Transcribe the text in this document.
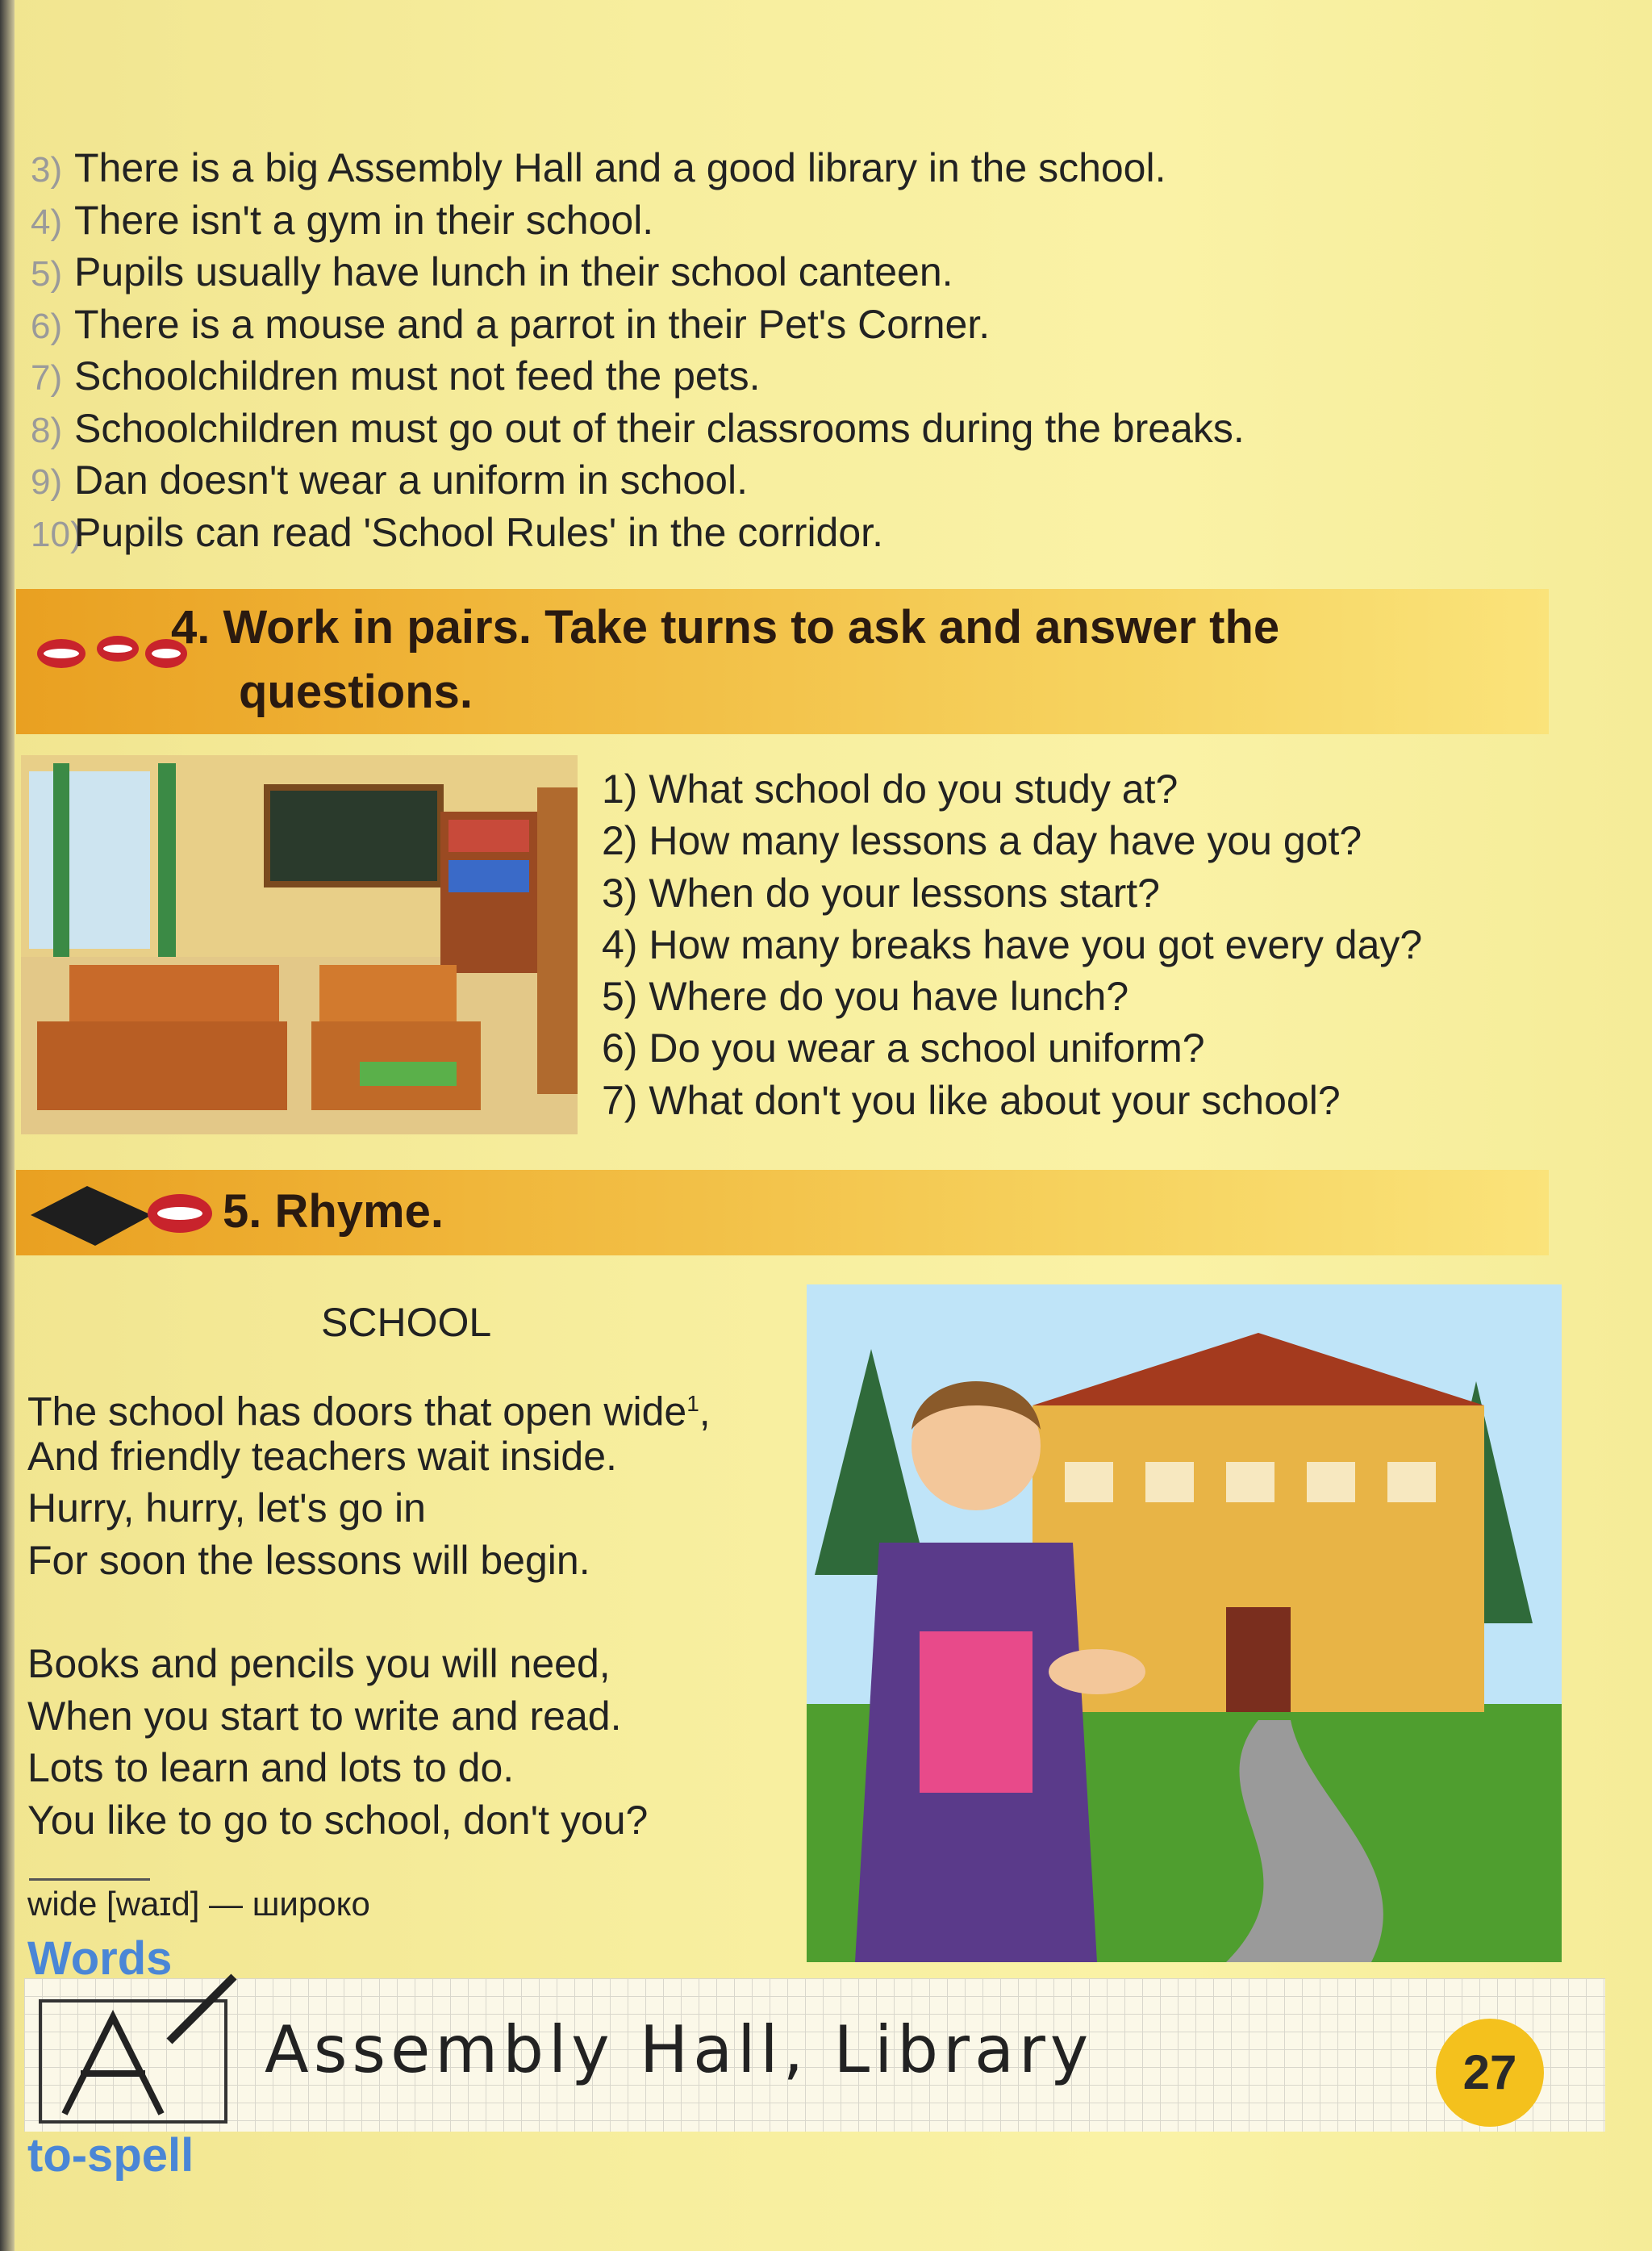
3) There is a big Assembly Hall and a good library in the school.
4) There isn't a gym in their school.
5) Pupils usually have lunch in their school canteen.
6) There is a mouse and a parrot in their Pet's Corner.
7) Schoolchildren must not feed the pets.
8) Schoolchildren must go out of their classrooms during the breaks.
9) Dan doesn't wear a uniform in school.
10)Pupils can read 'School Rules' in the corridor.
4. Work in pairs. Take turns to ask and answer the
questions.
1) What school do you study at?
2) How many lessons a day have you got?
3) When do your lessons start?
4) How many breaks have you got every day?
5) Where do you have lunch?
6) Do you wear a school uniform?
7) What don't you like about your school?
5. Rhyme.
SCHOOL
The school has doors that open wide$^1$,
And friendly teachers wait inside.
Hurry, hurry, let's go in
For soon the lessons will begin.
Books and pencils you will need,
When you start to write and read.
Lots to learn and lots to do.
You like to go to school, don't you?
wide [waɪd] — широко
Words
to-spell
Assembly Hall, Library	27
